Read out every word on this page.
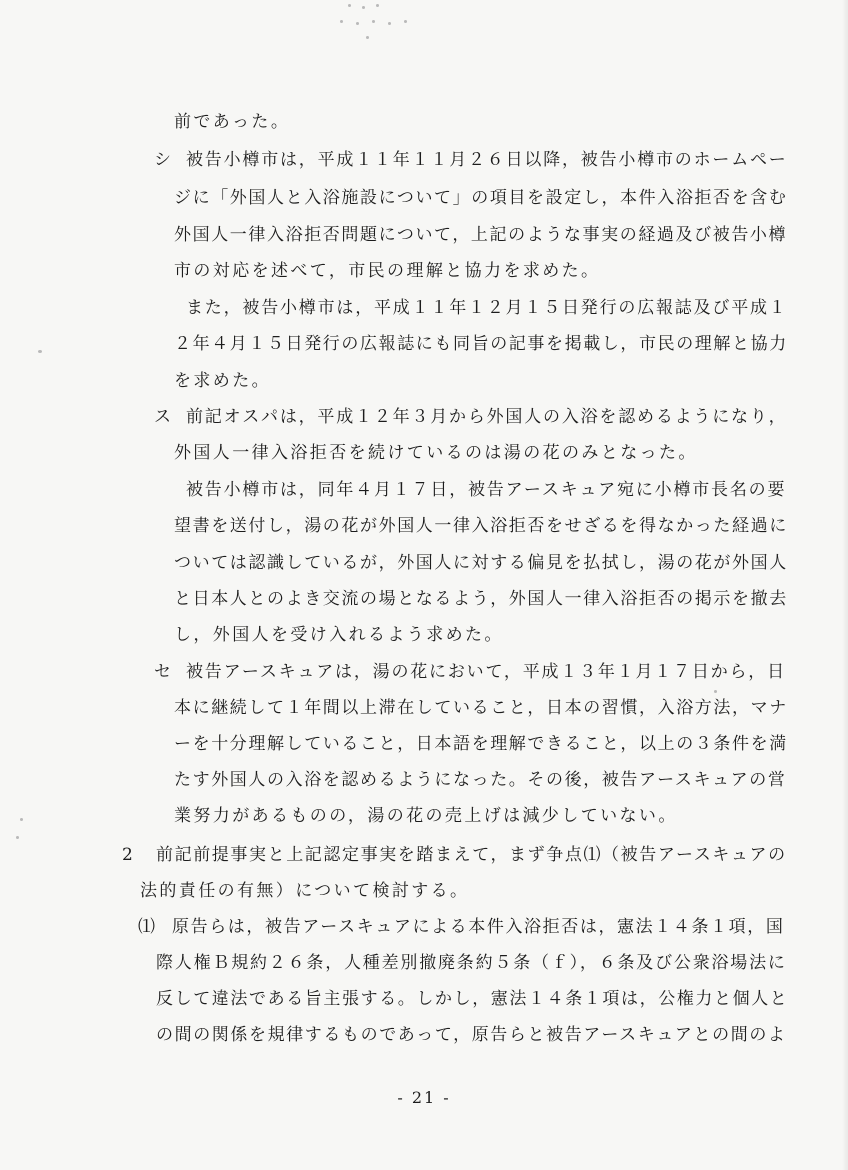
前であった。
シ 被告小樽市は，平成１１年１１月２６日以降，被告小樽市のホームペー
ジに「外国人と入浴施設について」の項目を設定し，本件入浴拒否を含む
外国人一律入浴拒否問題について，上記のような事実の経過及び被告小樽
市の対応を述べて，市民の理解と協力を求めた。
また，被告小樽市は，平成１１年１２月１５日発行の広報誌及び平成１
２年４月１５日発行の広報誌にも同旨の記事を掲載し，市民の理解と協力
を求めた。
ス 前記オスパは，平成１２年３月から外国人の入浴を認めるようになり，
外国人一律入浴拒否を続けているのは湯の花のみとなった。
被告小樽市は，同年４月１７日，被告アースキュア宛に小樽市長名の要
望書を送付し，湯の花が外国人一律入浴拒否をせざるを得なかった経過に
ついては認識しているが，外国人に対する偏見を払拭し，湯の花が外国人
と日本人とのよき交流の場となるよう，外国人一律入浴拒否の掲示を撤去
し，外国人を受け入れるよう求めた。
セ 被告アースキュアは，湯の花において，平成１３年１月１７日から，日
本に継続して１年間以上滞在していること，日本の習慣，入浴方法，マナ
ーを十分理解していること，日本語を理解できること，以上の３条件を満
たす外国人の入浴を認めるようになった。その後，被告アースキュアの営
業努力があるものの，湯の花の売上げは減少していない。
2 前記前提事実と上記認定事実を踏まえて，まず争点⑴（被告アースキュアの
法的責任の有無）について検討する。
⑴ 原告らは，被告アースキュアによる本件入浴拒否は，憲法１４条１項，国
際人権Ｂ規約２６条，人種差別撤廃条約５条（ｆ），６条及び公衆浴場法に
反して違法である旨主張する。しかし，憲法１４条１項は，公権力と個人と
の間の関係を規律するものであって，原告らと被告アースキュアとの間のよ
- 21 -
